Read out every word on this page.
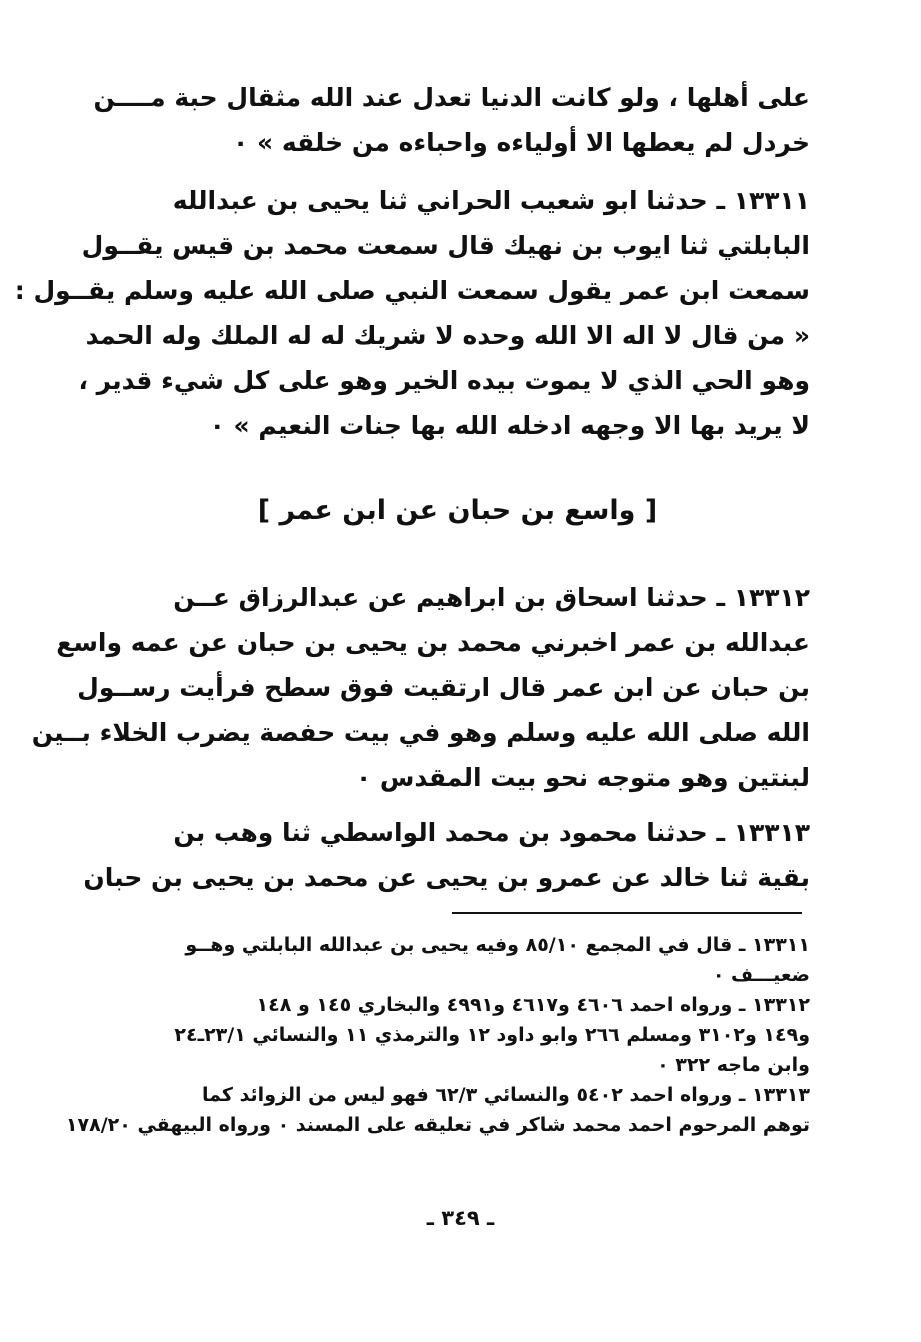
على أهلها ، ولو كانت الدنيا تعدل عند الله مثقال حبة مــــن
خردل لم يعطها الا أولياءه واحباءه من خلقه » ٠
١٣٣١١ ـ حدثنا ابو شعيب الحراني ثنا يحيى بن عبدالله
البابلتي ثنا ايوب بن نهيك قال سمعت محمد بن قيس يقــول
سمعت ابن عمر يقول سمعت النبي صلى الله عليه وسلم يقــول :
« من قال لا اله الا الله وحده لا شريك له له الملك وله الحمد
وهو الحي الذي لا يموت بيده الخير وهو على كل شيء قدير ،
لا يريد بها الا وجهه ادخله الله بها جنات النعيم » ٠
[ واسع بن حبان عن ابن عمر ]
١٣٣١٢ ـ حدثنا اسحاق بن ابراهيم عن عبدالرزاق عــن
عبدالله بن عمر اخبرني محمد بن يحيى بن حبان عن عمه واسع
بن حبان عن ابن عمر قال ارتقيت فوق سطح فرأيت رســول
الله صلى الله عليه وسلم وهو في بيت حفصة يضرب الخلاء بــين
لبنتين وهو متوجه نحو بيت المقدس ٠
١٣٣١٣ ـ حدثنا محمود بن محمد الواسطي ثنا وهب بن
بقية ثنا خالد عن عمرو بن يحيى عن محمد بن يحيى بن حبان
١٣٣١١ ـ قال في المجمع ٨٥/١٠ وفيه يحيى بن عبدالله البابلتي وهــو
ضعيـــف ٠
١٣٣١٢ ـ ورواه احمد ٤٦٠٦ و٤٦١٧ و٤٩٩١ والبخاري ١٤٥ و ١٤٨
و١٤٩ و٣١٠٢ ومسلم ٢٦٦ وابو داود ١٢ والترمذي ١١ والنسائي ٢٣/١ـ٢٤
وابن ماجه ٣٢٢ ٠
١٣٣١٣ ـ ورواه احمد ٥٤٠٢ والنسائي ٦٢/٣ فهو ليس من الزوائد كما
توهم المرحوم احمد محمد شاكر في تعليقه على المسند ٠ ورواه البيهقي ١٧٨/٢٠
ـ ٣٤٩ ـ
